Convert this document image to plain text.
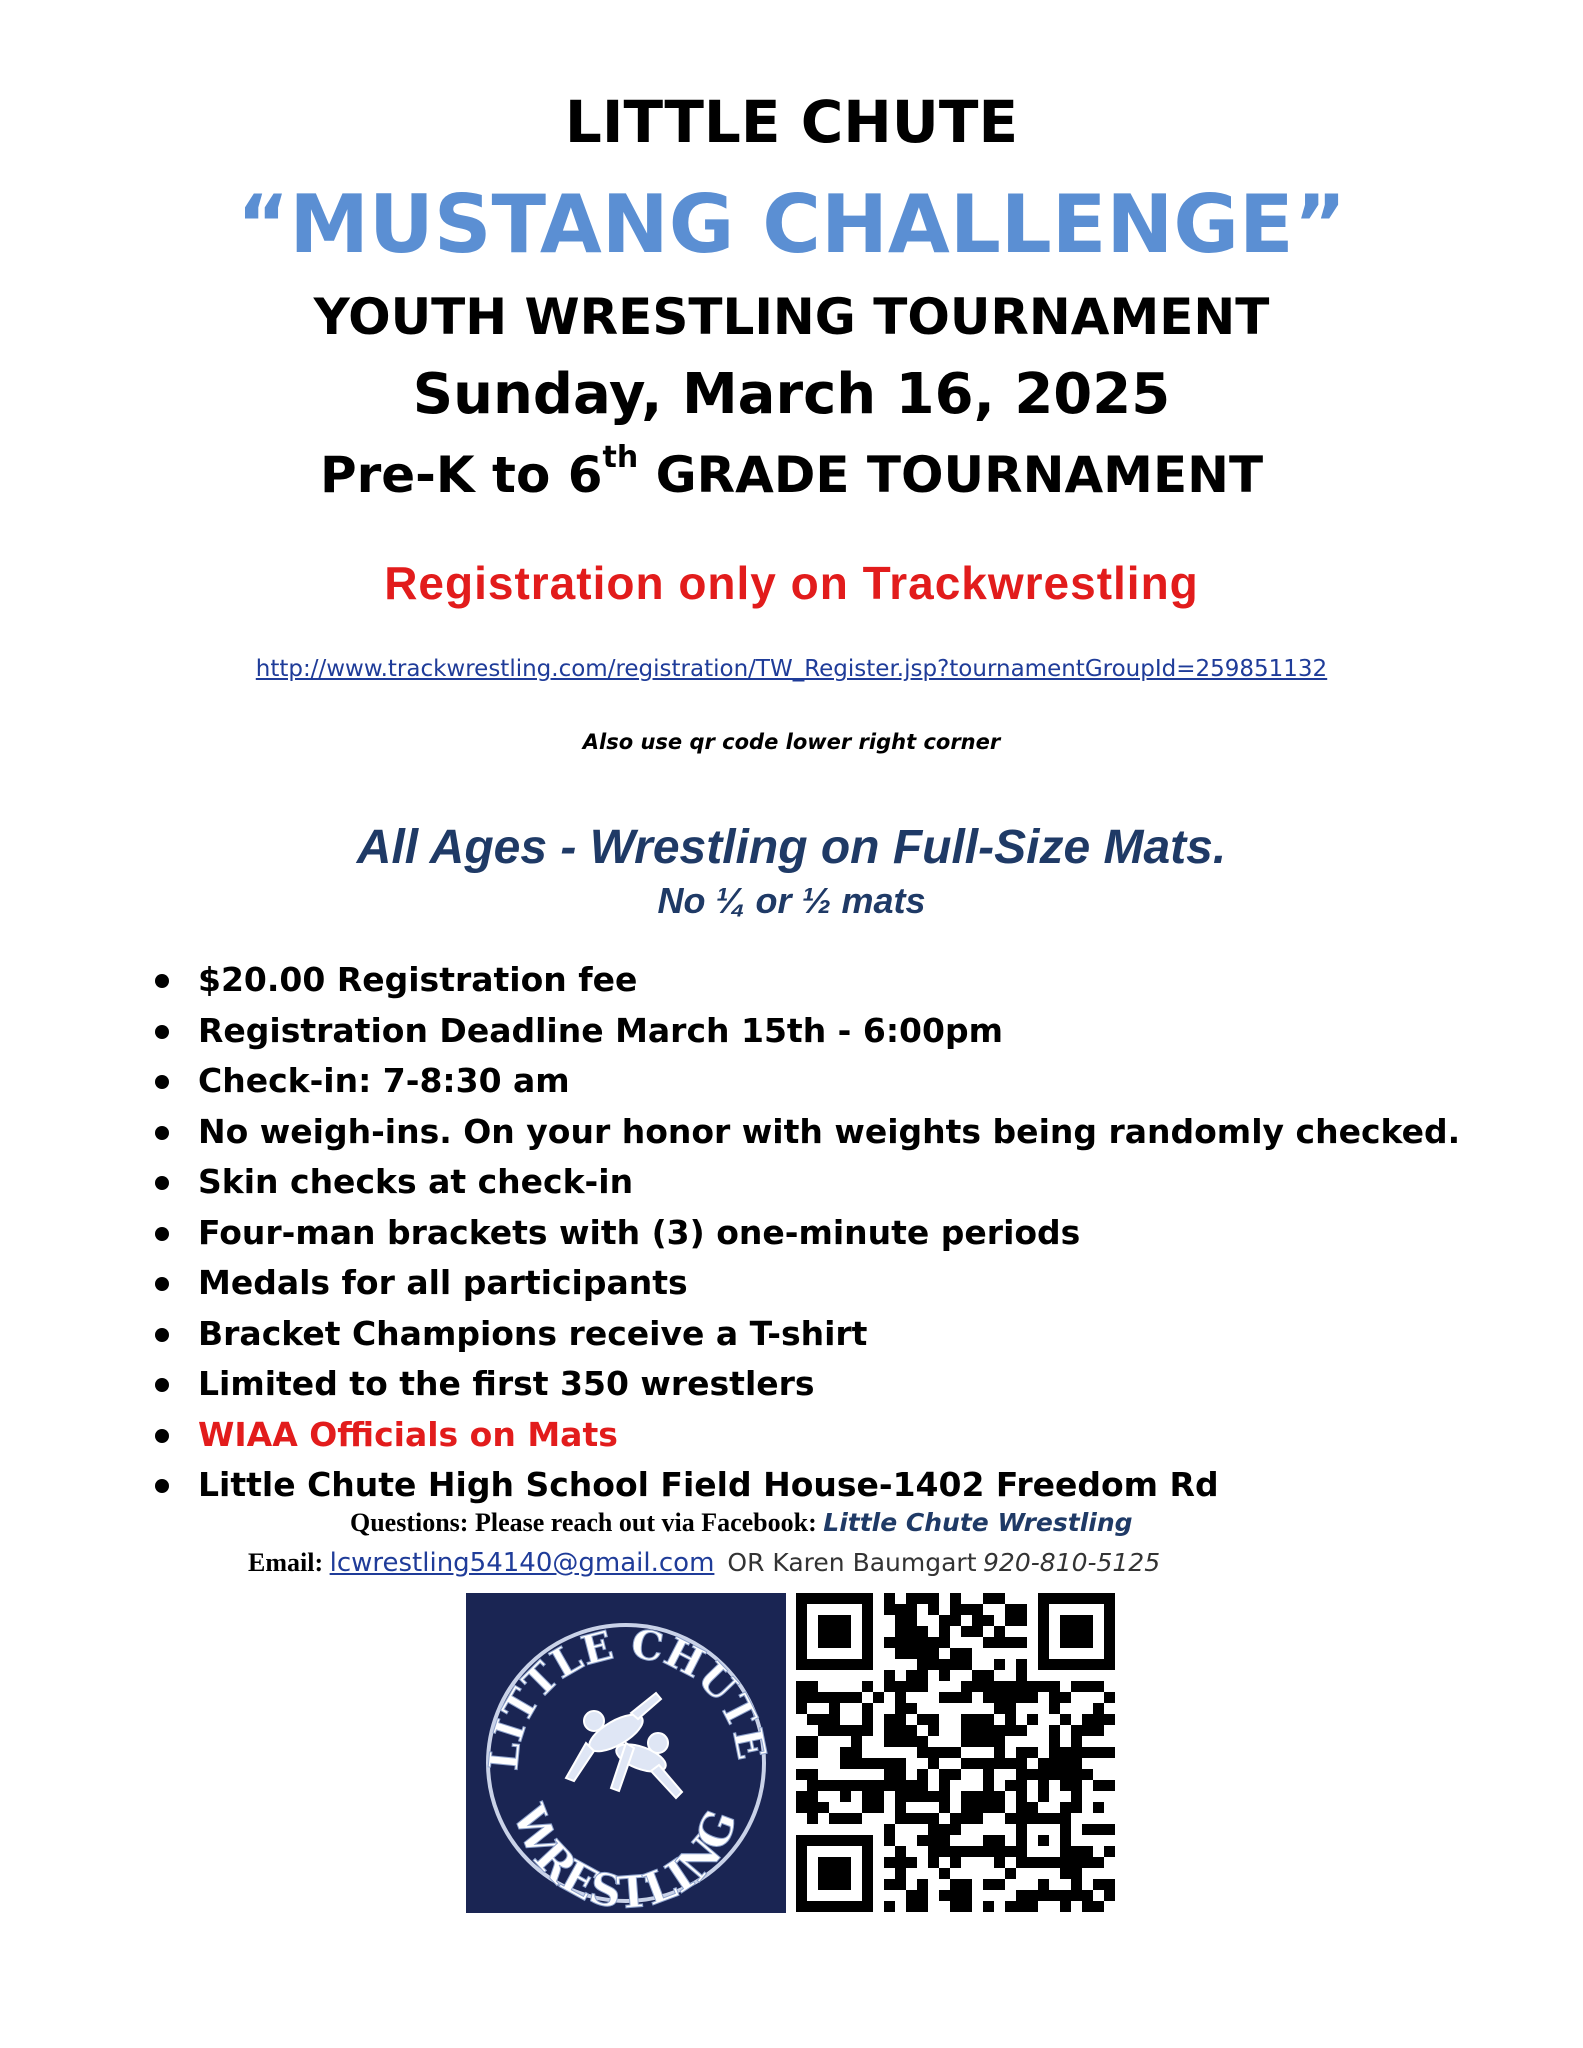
LITTLE CHUTE
“MUSTANG CHALLENGE”
YOUTH WRESTLING TOURNAMENT
Sunday, March 16, 2025
Pre-K to 6th GRADE TOURNAMENT
Registration only on Trackwrestling
http://www.trackwrestling.com/registration/TW_Register.jsp?tournamentGroupId=259851132
Also use qr code lower right corner
All Ages - Wrestling on Full-Size Mats.
No ¼ or ½ mats
$20.00 Registration fee
Registration Deadline March 15th - 6:00pm
Check-in: 7-8:30 am
No weigh-ins. On your honor with weights being randomly checked.
Skin checks at check-in
Four-man brackets with (3) one-minute periods
Medals for all participants
Bracket Champions receive a T-shirt
Limited to the first 350 wrestlers
WIAA Officials on Mats
Little Chute High School Field House-1402 Freedom Rd
Questions: Please reach out via Facebook: Little Chute Wrestling
Email: lcwrestling54140@gmail.com OR Karen Baumgart 920-810-5125
LITTLE CHUTE
WRESTLING
